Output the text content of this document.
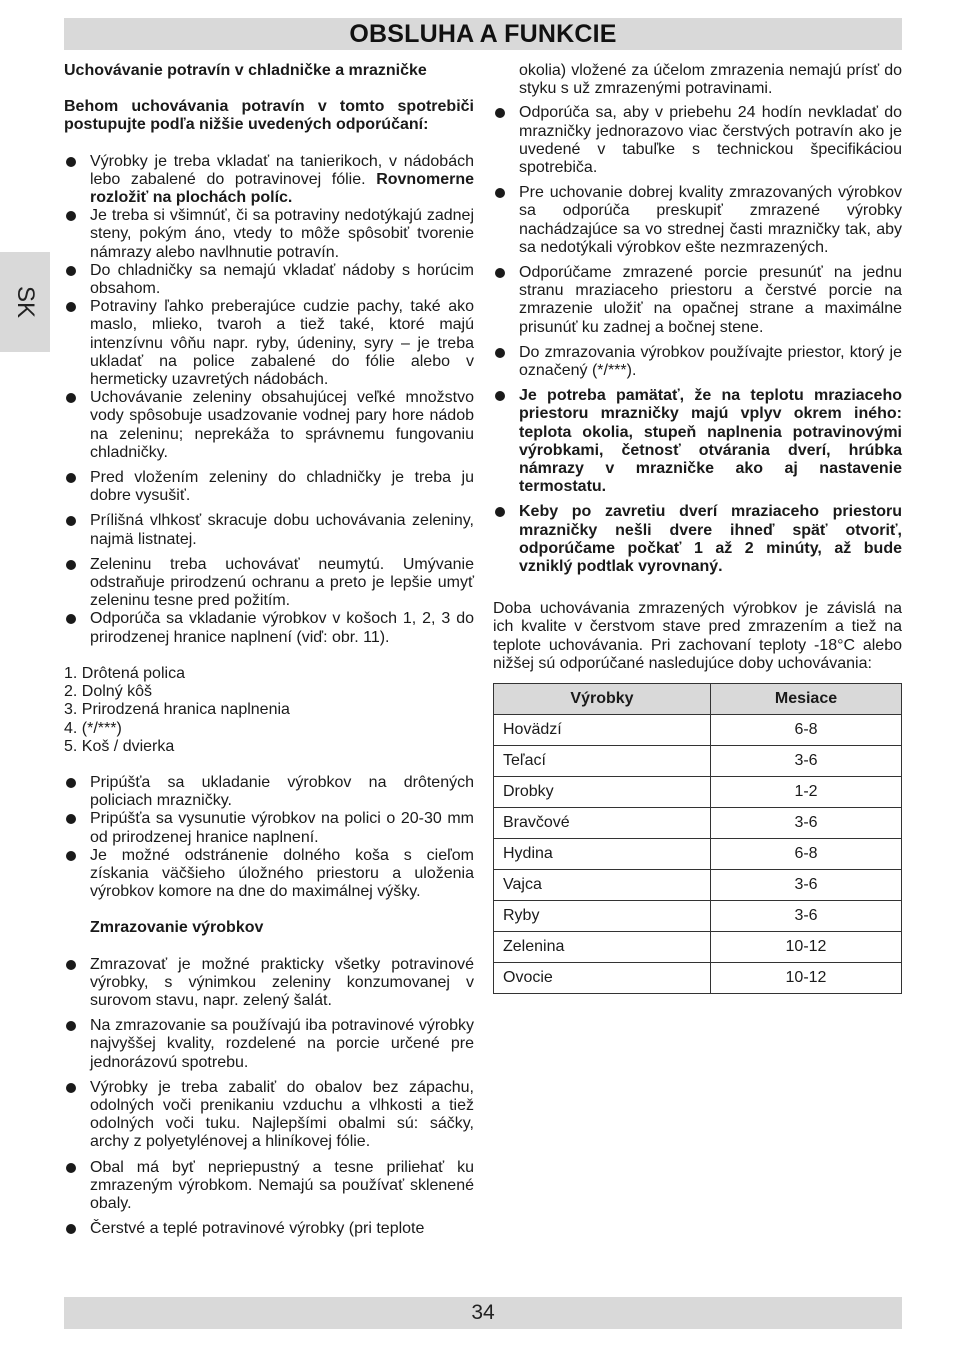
OBSLUHA A FUNKCIE
SK

Uchovávanie potravín v chladničke a mrazničke

Behom uchovávania potravín v tomto spotrebiči postupujte podľa nižšie uvedených odporúčaní:

Výrobky je treba vkladať na tanierikoch, v nádobách lebo zabalené do potravinovej fólie. Rovnomerne rozložiť na plochách políc.
Je treba si všimnúť, či sa potraviny nedotýkajú zadnej steny, pokým áno, vtedy to môže spôsobiť tvorenie námrazy alebo navlhnutie potravín.
Do chladničky sa nemajú vkladať nádoby s horúcim obsahom.
Potraviny ľahko preberajúce cudzie pachy, také ako maslo, mlieko, tvaroh a tiež také, ktoré majú intenzívnu vôňu napr. ryby, údeniny, syry – je treba ukladať na police zabalené do fólie alebo v hermeticky uzavretých nádobách.
Uchovávanie zeleniny obsahujúcej veľké množstvo vody spôsobuje usadzovanie vodnej pary hore nádob na zeleninu; neprekáža to správnemu fungovaniu chladničky.
Pred vložením zeleniny do chladničky je treba ju dobre vysušiť.
Prílišná vlhkosť skracuje dobu uchovávania zeleniny, najmä listnatej.
Zeleninu treba uchovávať neumytú. Umývanie odstraňuje prirodzenú ochranu a preto je lepšie umyť zeleninu tesne pred požitím.
Odporúča sa vkladanie výrobkov v košoch 1, 2, 3 do prirodzenej hranice naplnení (viď: obr. 11).
1. Drôtená polica
2. Dolný kôš
3. Prirodzená hranica naplnenia
4. (*/***)
5. Koš / dvierka
Pripúšťa sa ukladanie výrobkov na drôtených policiach mrazničky.
Pripúšťa sa vysunutie výrobkov na polici o 20-30 mm od prirodzenej hranice naplnení.
Je možné odstránenie dolného koša s cieľom získania väčšieho úložného priestoru a uloženia výrobkov komore na dne do maximálnej výšky.

Zmrazovanie výrobkov

Zmrazovať je možné prakticky všetky potravinové výrobky, s výnimkou zeleniny konzumovanej v surovom stavu, napr. zelený šalát.
Na zmrazovanie sa používajú iba potravinové výrobky najvyššej kvality, rozdelené na porcie určené pre jednorázovú spotrebu.
Výrobky je treba zabaliť do obalov bez zápachu, odolných voči prenikaniu vzduchu a vlhkosti a tiež odolných voči tuku. Najlepšími obalmi sú: sáčky, archy z polyetylénovej a hliníkovej fólie.
Obal má byť nepriepustný a tesne priliehať ku zmrazeným výrobkom. Nemajú sa používať sklenené obaly.
Čerstvé a teplé potravinové výrobky (pri teplote

okolia) vložené za účelom zmrazenia nemajú prísť do styku s už zmrazenými potravinami.

Odporúča sa, aby v priebehu 24 hodín nevkladať do mrazničky jednorazovo viac čerstvých potravín ako je uvedené v tabuľke s technickou špecifikáciou spotrebiča.
Pre uchovanie dobrej kvality zmrazovaných výrobkov sa odporúča preskupiť zmrazené výrobky nachádzajúce sa vo strednej časti mrazničky tak, aby sa nedotýkali výrobkov ešte nezmrazených.
Odporúčame zmrazené porcie presunúť na jednu stranu mraziaceho priestoru a čerstvé porcie na zmrazenie uložiť na opačnej strane a maximálne prisunúť ku zadnej a bočnej stene.
Do zmrazovania výrobkov používajte priestor, ktorý je označený (*/***).
Je potreba pamätať, že na teplotu mraziaceho priestoru mrazničky majú vplyv okrem iného: teplota okolia, stupeň naplnenia potravinovými výrobkami, četnosť otvárania dverí, hrúbka námrazy v mrazničke ako aj nastavenie termostatu.
Keby po zavretiu dverí mraziaceho priestoru mrazničky nešli dvere ihneď späť otvoriť, odporúčame počkať 1 až 2 minúty, až bude vzniklý podtlak vyrovnaný.

Doba uchovávania zmrazených výrobkov je závislá na ich kvalite v čerstvom stave pred zmrazením a tiež na teplote uchovávania. Pri zachovaní teploty -18°C alebo nižšej sú odporúčané nasledujúce doby uchovávania:

Výrobky	Mesiace
Hovädzí	6-8
Teľací	3-6
Drobky	1-2
Bravčové	3-6
Hydina	6-8
Vajca	3-6
Ryby	3-6
Zelenina	10-12
Ovocie	10-12
34
